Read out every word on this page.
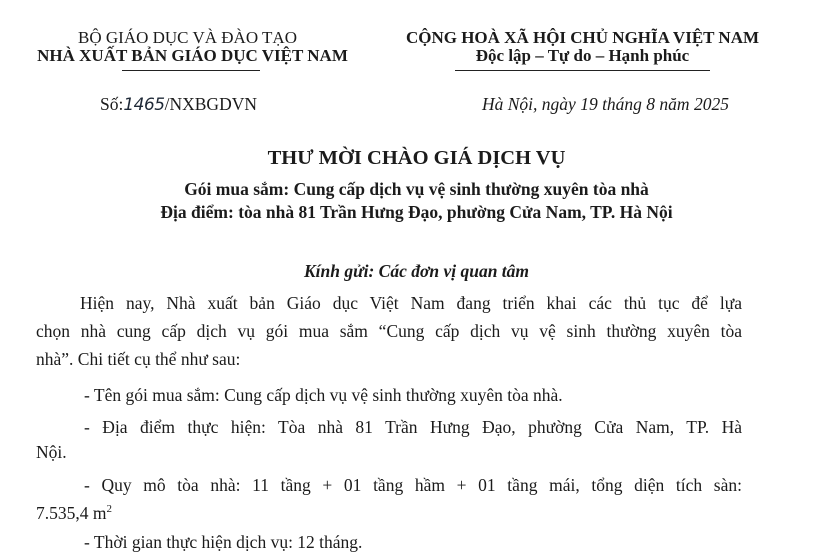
BỘ GIÁO DỤC VÀ ĐÀO TẠO
NHÀ XUẤT BẢN GIÁO DỤC VIỆT NAM
CỘNG HOÀ XÃ HỘI CHỦ NGHĨA VIỆT NAM
Độc lập – Tự do – Hạnh phúc
Số:1465/NXBGDVN	Hà Nội, ngày 19 tháng 8 năm 2025
THƯ MỜI CHÀO GIÁ DỊCH VỤ
Gói mua sắm: Cung cấp dịch vụ vệ sinh thường xuyên tòa nhà
Địa điểm: tòa nhà 81 Trần Hưng Đạo, phường Cửa Nam, TP. Hà Nội
Kính gửi: Các đơn vị quan tâm
Hiện nay, Nhà xuất bản Giáo dục Việt Nam đang triển khai các thủ tục để lựa
chọn nhà cung cấp dịch vụ gói mua sắm “Cung cấp dịch vụ vệ sinh thường xuyên tòa
nhà”. Chi tiết cụ thể như sau:
- Tên gói mua sắm: Cung cấp dịch vụ vệ sinh thường xuyên tòa nhà.
- Địa điểm thực hiện: Tòa nhà 81 Trần Hưng Đạo, phường Cửa Nam, TP. Hà
Nội.
- Quy mô tòa nhà: 11 tầng + 01 tầng hầm + 01 tầng mái, tổng diện tích sàn:
7.535,4 $m^2$
- Thời gian thực hiện dịch vụ: 12 tháng.
